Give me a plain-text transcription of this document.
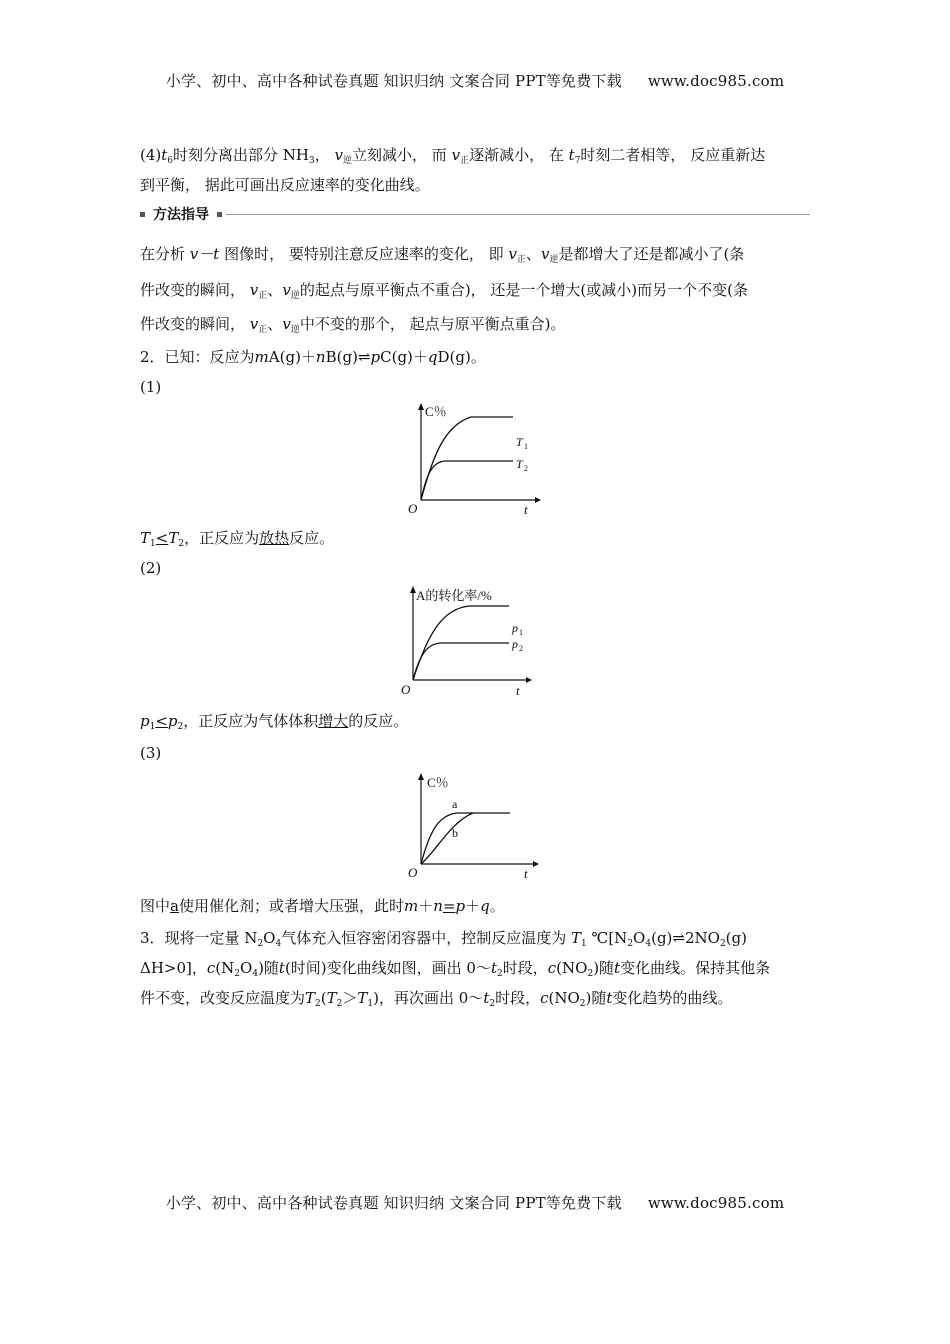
小学、初中、高中各种试卷真题 知识归纳 文案合同 PPT等免费下载 www.doc985.com
$(4)t_6$时刻分离出部分 $NH_3$， $v_逆$立刻减小， 而 $v_正$逐渐减小， 在 $t_7$时刻二者相等， 反应重新达
到平衡， 据此可画出反应速率的变化曲线。
方法指导
在分析 v－t 图像时， 要特别注意反应速率的变化， 即 $v_正$、$v_逆$是都增大了还是都减小了(条
件改变的瞬间， $v_正$、$v_逆$的起点与原平衡点不重合)， 还是一个增大(或减小)而另一个不变(条
件改变的瞬间， $v_正$、$v_逆$中不变的那个， 起点与原平衡点重合)。
2．已知：反应为mA(g)＋nB(g)⇌pC(g)＋qD(g)。
(1)
C％
O	t
T 1
T 2
$T_1<T_2$，正反应为放热反应。
(2)
A的转化率/%
O	t
p 1
p 2
$p_1<p_2$，正反应为气体体积增大的反应。
(3)
C％
O	t
a
b
图中a使用催化剂；或者增大压强，此时m＋n=p＋q。
3．现将一定量 $N_2O_4$气体充入恒容密闭容器中，控制反应温度为 $T_1$ $℃[N_2O_4(g)\rightleftharpoons 2NO_2(g)$
ΔH>0]，$c(N_2O_4)$随t(时间)变化曲线如图，画出 $0\sim t_2$时段，$c(NO_2)$随t变化曲线。保持其他条
件不变，改变反应温度为$T_2(T_2>T_1)$，再次画出 $0\sim t_2$时段，$c(NO_2)$随t变化趋势的曲线。
小学、初中、高中各种试卷真题 知识归纳 文案合同 PPT等免费下载 www.doc985.com
